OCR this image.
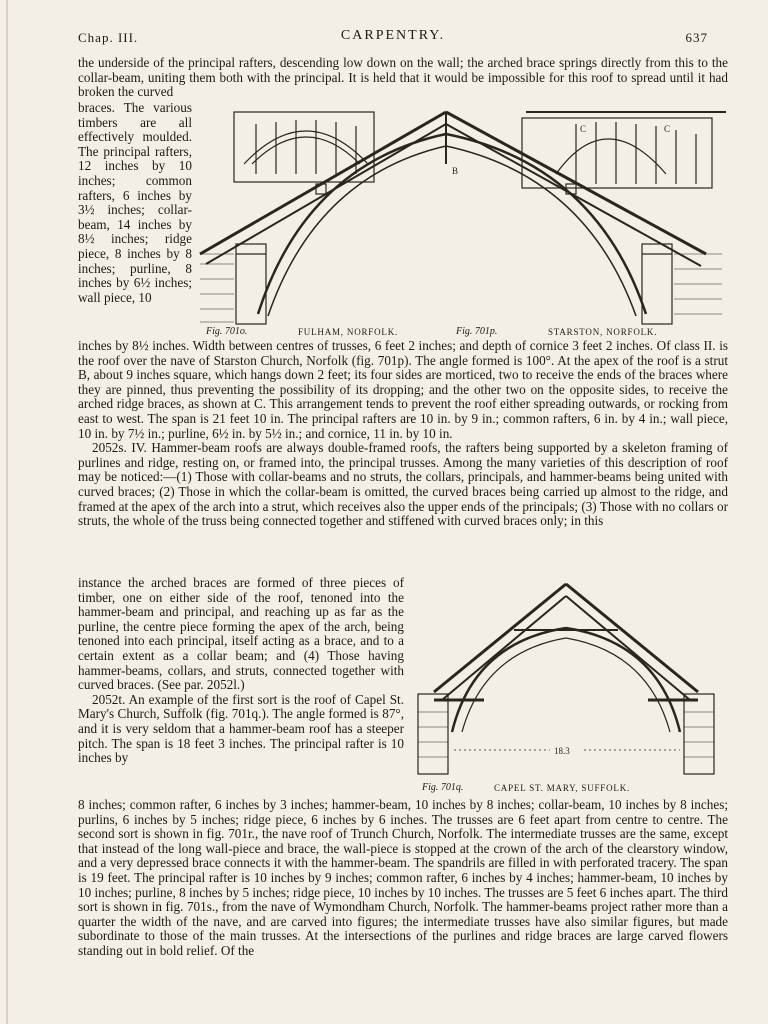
Chap. III.	CARPENTRY.	637

the underside of the principal rafters, descending low down on the wall; the arched brace springs directly from this to the collar-beam, uniting them both with the principal. It is held that it would be impossible for this roof to spread until it had broken the curved

braces. The various timbers are all effectively moulded. The principal rafters, 12 inches by 10 inches; common rafters, 6 inches by 3½ inches; collar-beam, 14 inches by 8½ inches; ridge piece, 8 inches by 8 inches; purline, 8 inches by 6½ inches; wall piece, 10

B
C	C
Fig. 701o.	FULHAM, NORFOLK.	Fig. 701p.	STARSTON, NORFOLK.

inches by 8½ inches. Width between centres of trusses, 6 feet 2 inches; and depth of cornice 3 feet 2 inches. Of class II. is the roof over the nave of Starston Church, Norfolk (fig. 701p). The angle formed is 100°. At the apex of the roof is a strut B, about 9 inches square, which hangs down 2 feet; its four sides are morticed, two to receive the ends of the braces where they are pinned, thus preventing the possibility of its dropping; and the other two on the opposite sides, to receive the arched ridge braces, as shown at C. This arrangement tends to prevent the roof either spreading outwards, or rocking from east to west. The span is 21 feet 10 in. The principal rafters are 10 in. by 9 in.; common rafters, 6 in. by 4 in.; wall piece, 10 in. by 7½ in.; purline, 6½ in. by 5½ in.; and cornice, 11 in. by 10 in.

2052s. IV. Hammer-beam roofs are always double-framed roofs, the rafters being supported by a skeleton framing of purlines and ridge, resting on, or framed into, the principal trusses. Among the many varieties of this description of roof may be noticed:—(1) Those with collar-beams and no struts, the collars, principals, and hammer-beams being united with curved braces; (2) Those in which the collar-beam is omitted, the curved braces being carried up almost to the ridge, and framed at the apex of the arch into a strut, which receives also the upper ends of the principals; (3) Those with no collars or struts, the whole of the truss being connected together and stiffened with curved braces only; in this

instance the arched braces are formed of three pieces of timber, one on either side of the roof, tenoned into the hammer-beam and principal, and reaching up as far as the purline, the centre piece forming the apex of the arch, being tenoned into each principal, itself acting as a brace, and to a certain extent as a collar beam; and (4) Those having hammer-beams, collars, and struts, connected together with curved braces. (See par. 2052l.)

2052t. An example of the first sort is the roof of Capel St. Mary's Church, Suffolk (fig. 701q.). The angle formed is 87°, and it is very seldom that a hammer-beam roof has a steeper pitch. The span is 18 feet 3 inches. The principal rafter is 10 inches by	18.3
Fig. 701q.	CAPEL ST. MARY, SUFFOLK.

8 inches; common rafter, 6 inches by 3 inches; hammer-beam, 10 inches by 8 inches; collar-beam, 10 inches by 8 inches; purlins, 6 inches by 5 inches; ridge piece, 6 inches by 6 inches. The trusses are 6 feet apart from centre to centre. The second sort is shown in fig. 701r., the nave roof of Trunch Church, Norfolk. The intermediate trusses are the same, except that instead of the long wall-piece and brace, the wall-piece is stopped at the crown of the arch of the clearstory window, and a very depressed brace connects it with the hammer-beam. The spandrils are filled in with perforated tracery. The span is 19 feet. The principal rafter is 10 inches by 9 inches; common rafter, 6 inches by 4 inches; hammer-beam, 10 inches by 10 inches; purline, 8 inches by 5 inches; ridge piece, 10 inches by 10 inches. The trusses are 5 feet 6 inches apart. The third sort is shown in fig. 701s., from the nave of Wymondham Church, Norfolk. The hammer-beams project rather more than a quarter the width of the nave, and are carved into figures; the intermediate trusses have also similar figures, but made subordinate to those of the main trusses. At the intersections of the purlines and ridge braces are large carved flowers standing out in bold relief. Of the
